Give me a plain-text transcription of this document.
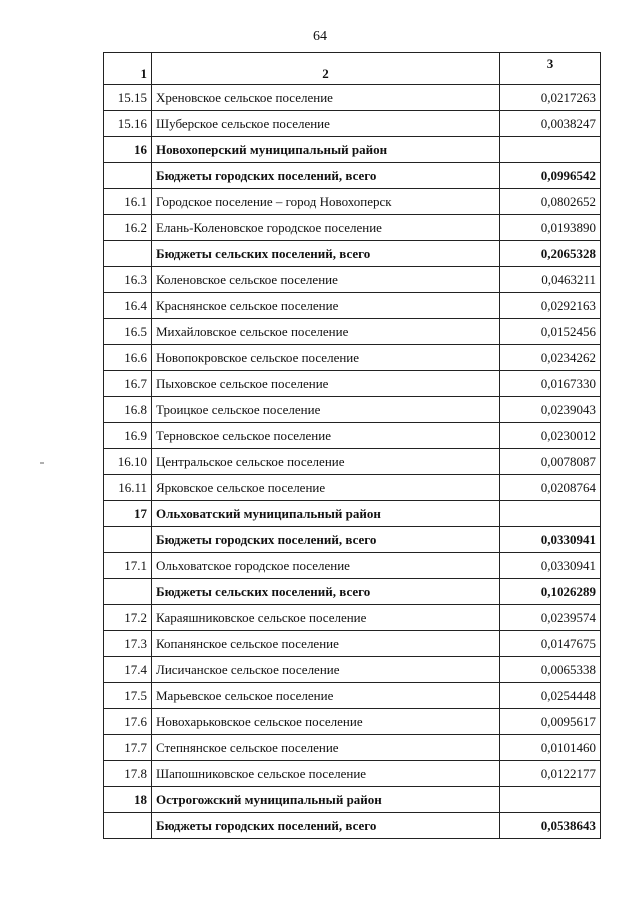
64
1	2	3
15.15	Хреновское сельское поселение	0,0217263
15.16	Шуберское сельское поселение	0,0038247
16	Новохоперский муниципальный район	
	Бюджеты городских поселений, всего	0,0996542
16.1	Городское поселение – город Новохоперск	0,0802652
16.2	Елань-Коленовское городское поселение	0,0193890
	Бюджеты сельских поселений, всего	0,2065328
16.3	Коленовское сельское поселение	0,0463211
16.4	Краснянское сельское поселение	0,0292163
16.5	Михайловское сельское поселение	0,0152456
16.6	Новопокровское сельское поселение	0,0234262
16.7	Пыховское сельское поселение	0,0167330
16.8	Троицкое сельское поселение	0,0239043
16.9	Терновское сельское поселение	0,0230012
16.10	Центральское сельское поселение	0,0078087
16.11	Ярковское сельское поселение	0,0208764
17	Ольховатский муниципальный район	
	Бюджеты городских поселений, всего	0,0330941
17.1	Ольховатское городское поселение	0,0330941
	Бюджеты сельских поселений, всего	0,1026289
17.2	Караяшниковское сельское поселение	0,0239574
17.3	Копанянское сельское поселение	0,0147675
17.4	Лисичанское сельское поселение	0,0065338
17.5	Марьевское сельское поселение	0,0254448
17.6	Новохарьковское сельское поселение	0,0095617
17.7	Степнянское сельское поселение	0,0101460
17.8	Шапошниковское сельское поселение	0,0122177
18	Острогожский муниципальный район	
	Бюджеты городских поселений, всего	0,0538643
